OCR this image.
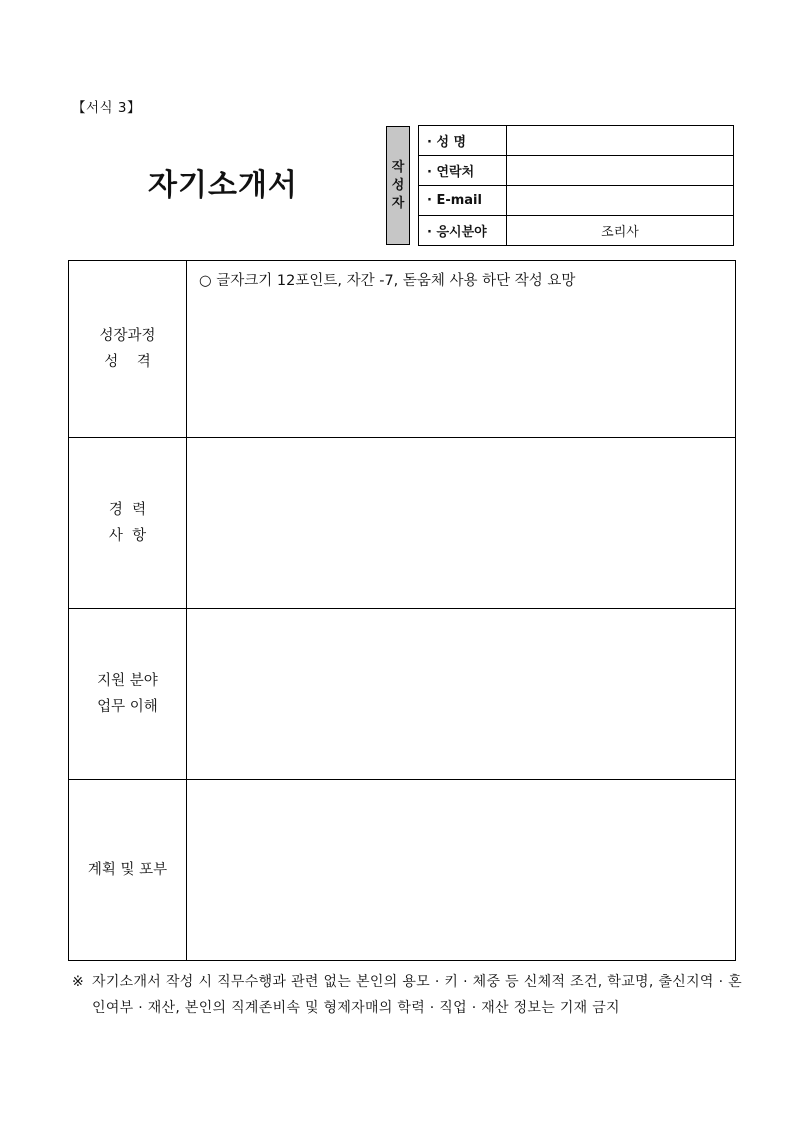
【서식 3】
자기소개서
작성자
· 성 명	
· 연락처	
· E-mail	
· 응시분야	조리사
성장과정
성    격	○ 글자크기 12포인트, 자간 -7, 돋움체 사용 하단 작성 요망

경  력
사  항	

지원 분야
업무 이해	

계획 및 포부	

※ 자기소개서 작성 시 직무수행과 관련 없는 본인의 용모 · 키 · 체중 등 신체적 조건, 학교명, 출신지역 · 혼인여부 · 재산, 본인의 직계존비속 및 형제자매의 학력 · 직업 · 재산 정보는 기재 금지
